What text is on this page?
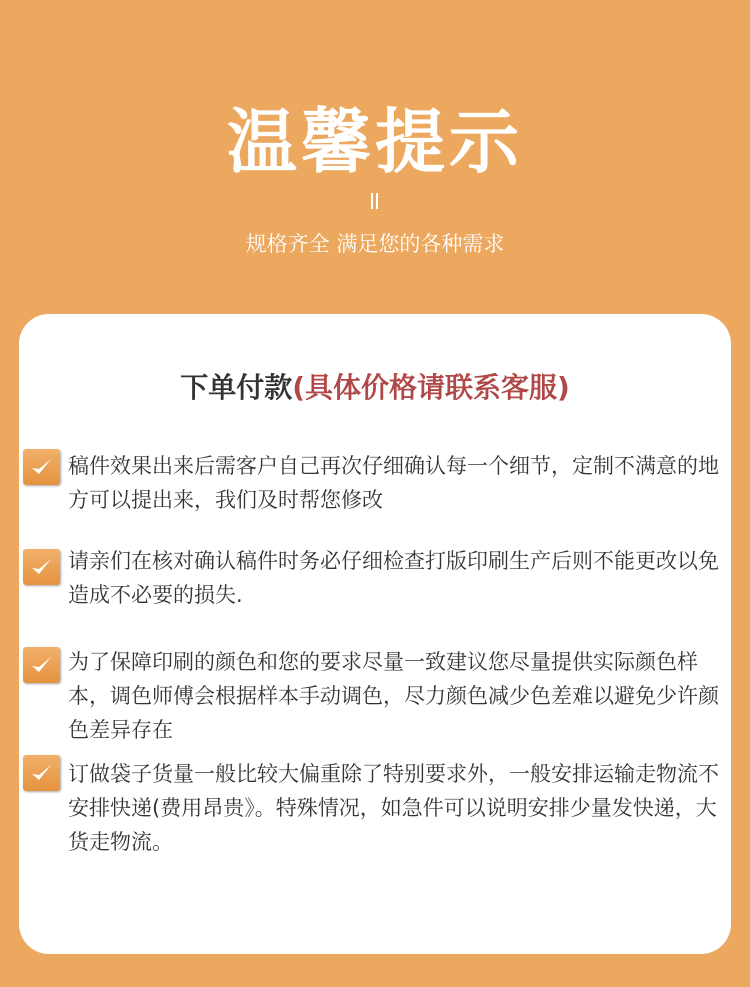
温馨提示
规格齐全 满足您的各种需求
下单付款(具体价格请联系客服)
稿件效果出来后需客户自己再次仔细确认每一个细节，定制不满意的地方可以提出来，我们及时帮您修改
请亲们在核对确认稿件时务必仔细检查打版印刷生产后则不能更改以免造成不必要的损失.
为了保障印刷的颜色和您的要求尽量一致建议您尽量提供实际颜色样本，调色师傅会根据样本手动调色，尽力颜色减少色差难以避免少许颜色差异存在
订做袋子货量一般比较大偏重除了特别要求外，一般安排运输走物流不安排快递(费用昂贵》。特殊情况，如急件可以说明安排少量发快递，大货走物流。
